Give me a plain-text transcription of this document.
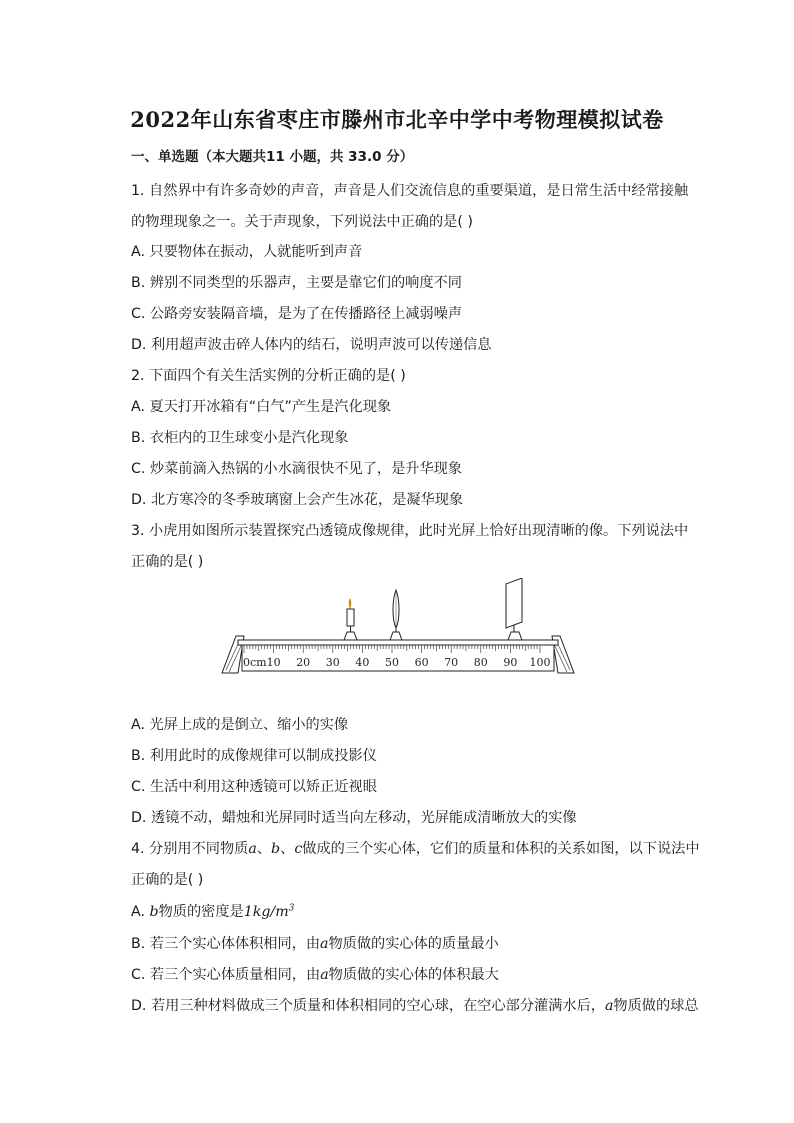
2022年山东省枣庄市滕州市北辛中学中考物理模拟试卷
一、单选题（本大题共11 小题，共 33.0 分）
1. 自然界中有许多奇妙的声音，声音是人们交流信息的重要渠道，是日常生活中经常接触
的物理现象之一。关于声现象，下列说法中正确的是( )
A. 只要物体在振动，人就能听到声音
B. 辨别不同类型的乐器声，主要是靠它们的响度不同
C. 公路旁安装隔音墙，是为了在传播路径上减弱噪声
D. 利用超声波击碎人体内的结石，说明声波可以传递信息
2. 下面四个有关生活实例的分析正确的是( )
A. 夏天打开冰箱有“白气”产生是汽化现象
B. 衣柜内的卫生球变小是汽化现象
C. 炒菜前滴入热锅的小水滴很快不见了，是升华现象
D. 北方寒冷的冬季玻璃窗上会产生冰花，是凝华现象
3. 小虎用如图所示装置探究凸透镜成像规律，此时光屏上恰好出现清晰的像。下列说法中
正确的是( )
0cm 10 20 30 40 50 60 70 80 90 100
A. 光屏上成的是倒立、缩小的实像
B. 利用此时的成像规律可以制成投影仪
C. 生活中利用这种透镜可以矫正近视眼
D. 透镜不动，蜡烛和光屏同时适当向左移动，光屏能成清晰放大的实像
4. 分别用不同物质a、b、c做成的三个实心体，它们的质量和体积的关系如图，以下说法中
正确的是( )
A. b物质的密度是$1kg/m^3$
B. 若三个实心体体积相同，由a物质做的实心体的质量最小
C. 若三个实心体质量相同，由a物质做的实心体的体积最大
D. 若用三种材料做成三个质量和体积相同的空心球，在空心部分灌满水后，a物质做的球总
